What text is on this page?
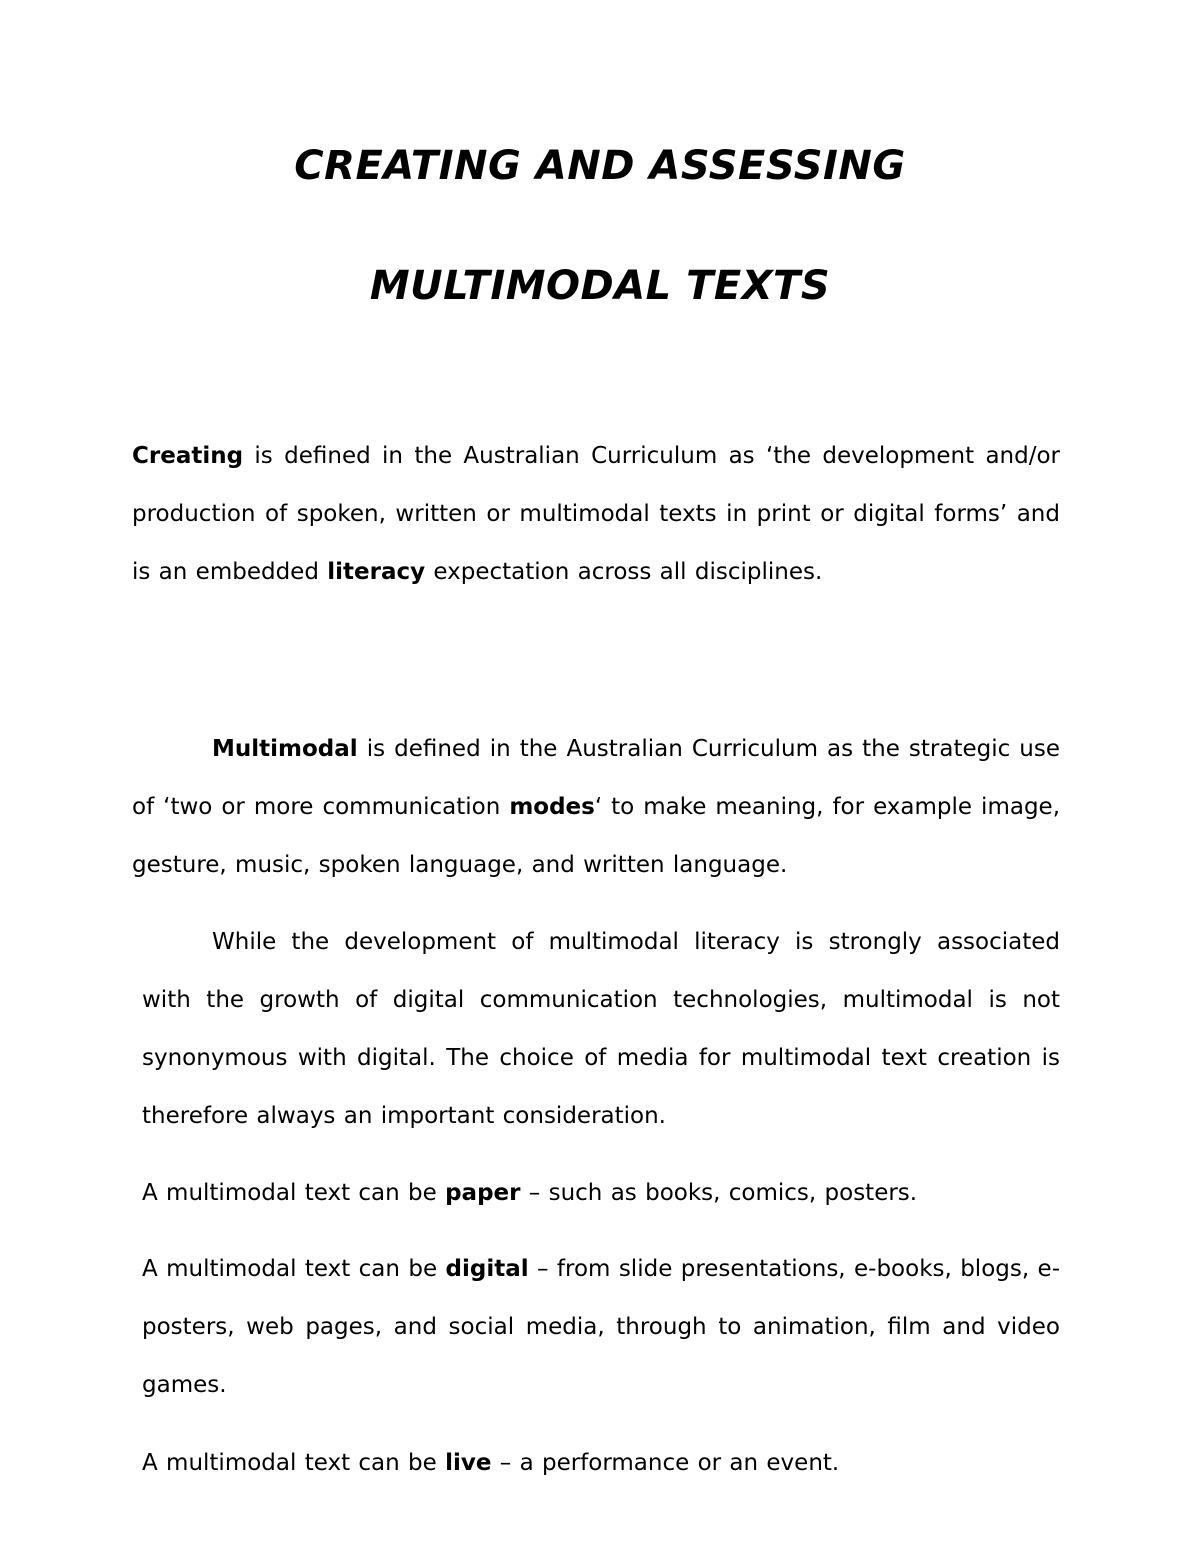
CREATING AND ASSESSING
MULTIMODAL TEXTS

Creating is defined in the Australian Curriculum as ‘the development and/or production of spoken, written or multimodal texts in print or digital forms’ and is an embedded literacy expectation across all disciplines.

Multimodal is defined in the Australian Curriculum as the strategic use of ‘two or more communication modes‘ to make meaning, for example image, gesture, music, spoken language, and written language.

While the development of multimodal literacy is strongly associated with the growth of digital communication technologies, multimodal is not synonymous with digital. The choice of media for multimodal text creation is therefore always an important consideration.

A multimodal text can be paper – such as books, comics, posters.

A multimodal text can be digital – from slide presentations, e-books, blogs, e-posters, web pages, and social media, through to animation, film and video games.

A multimodal text can be live – a performance or an event.
